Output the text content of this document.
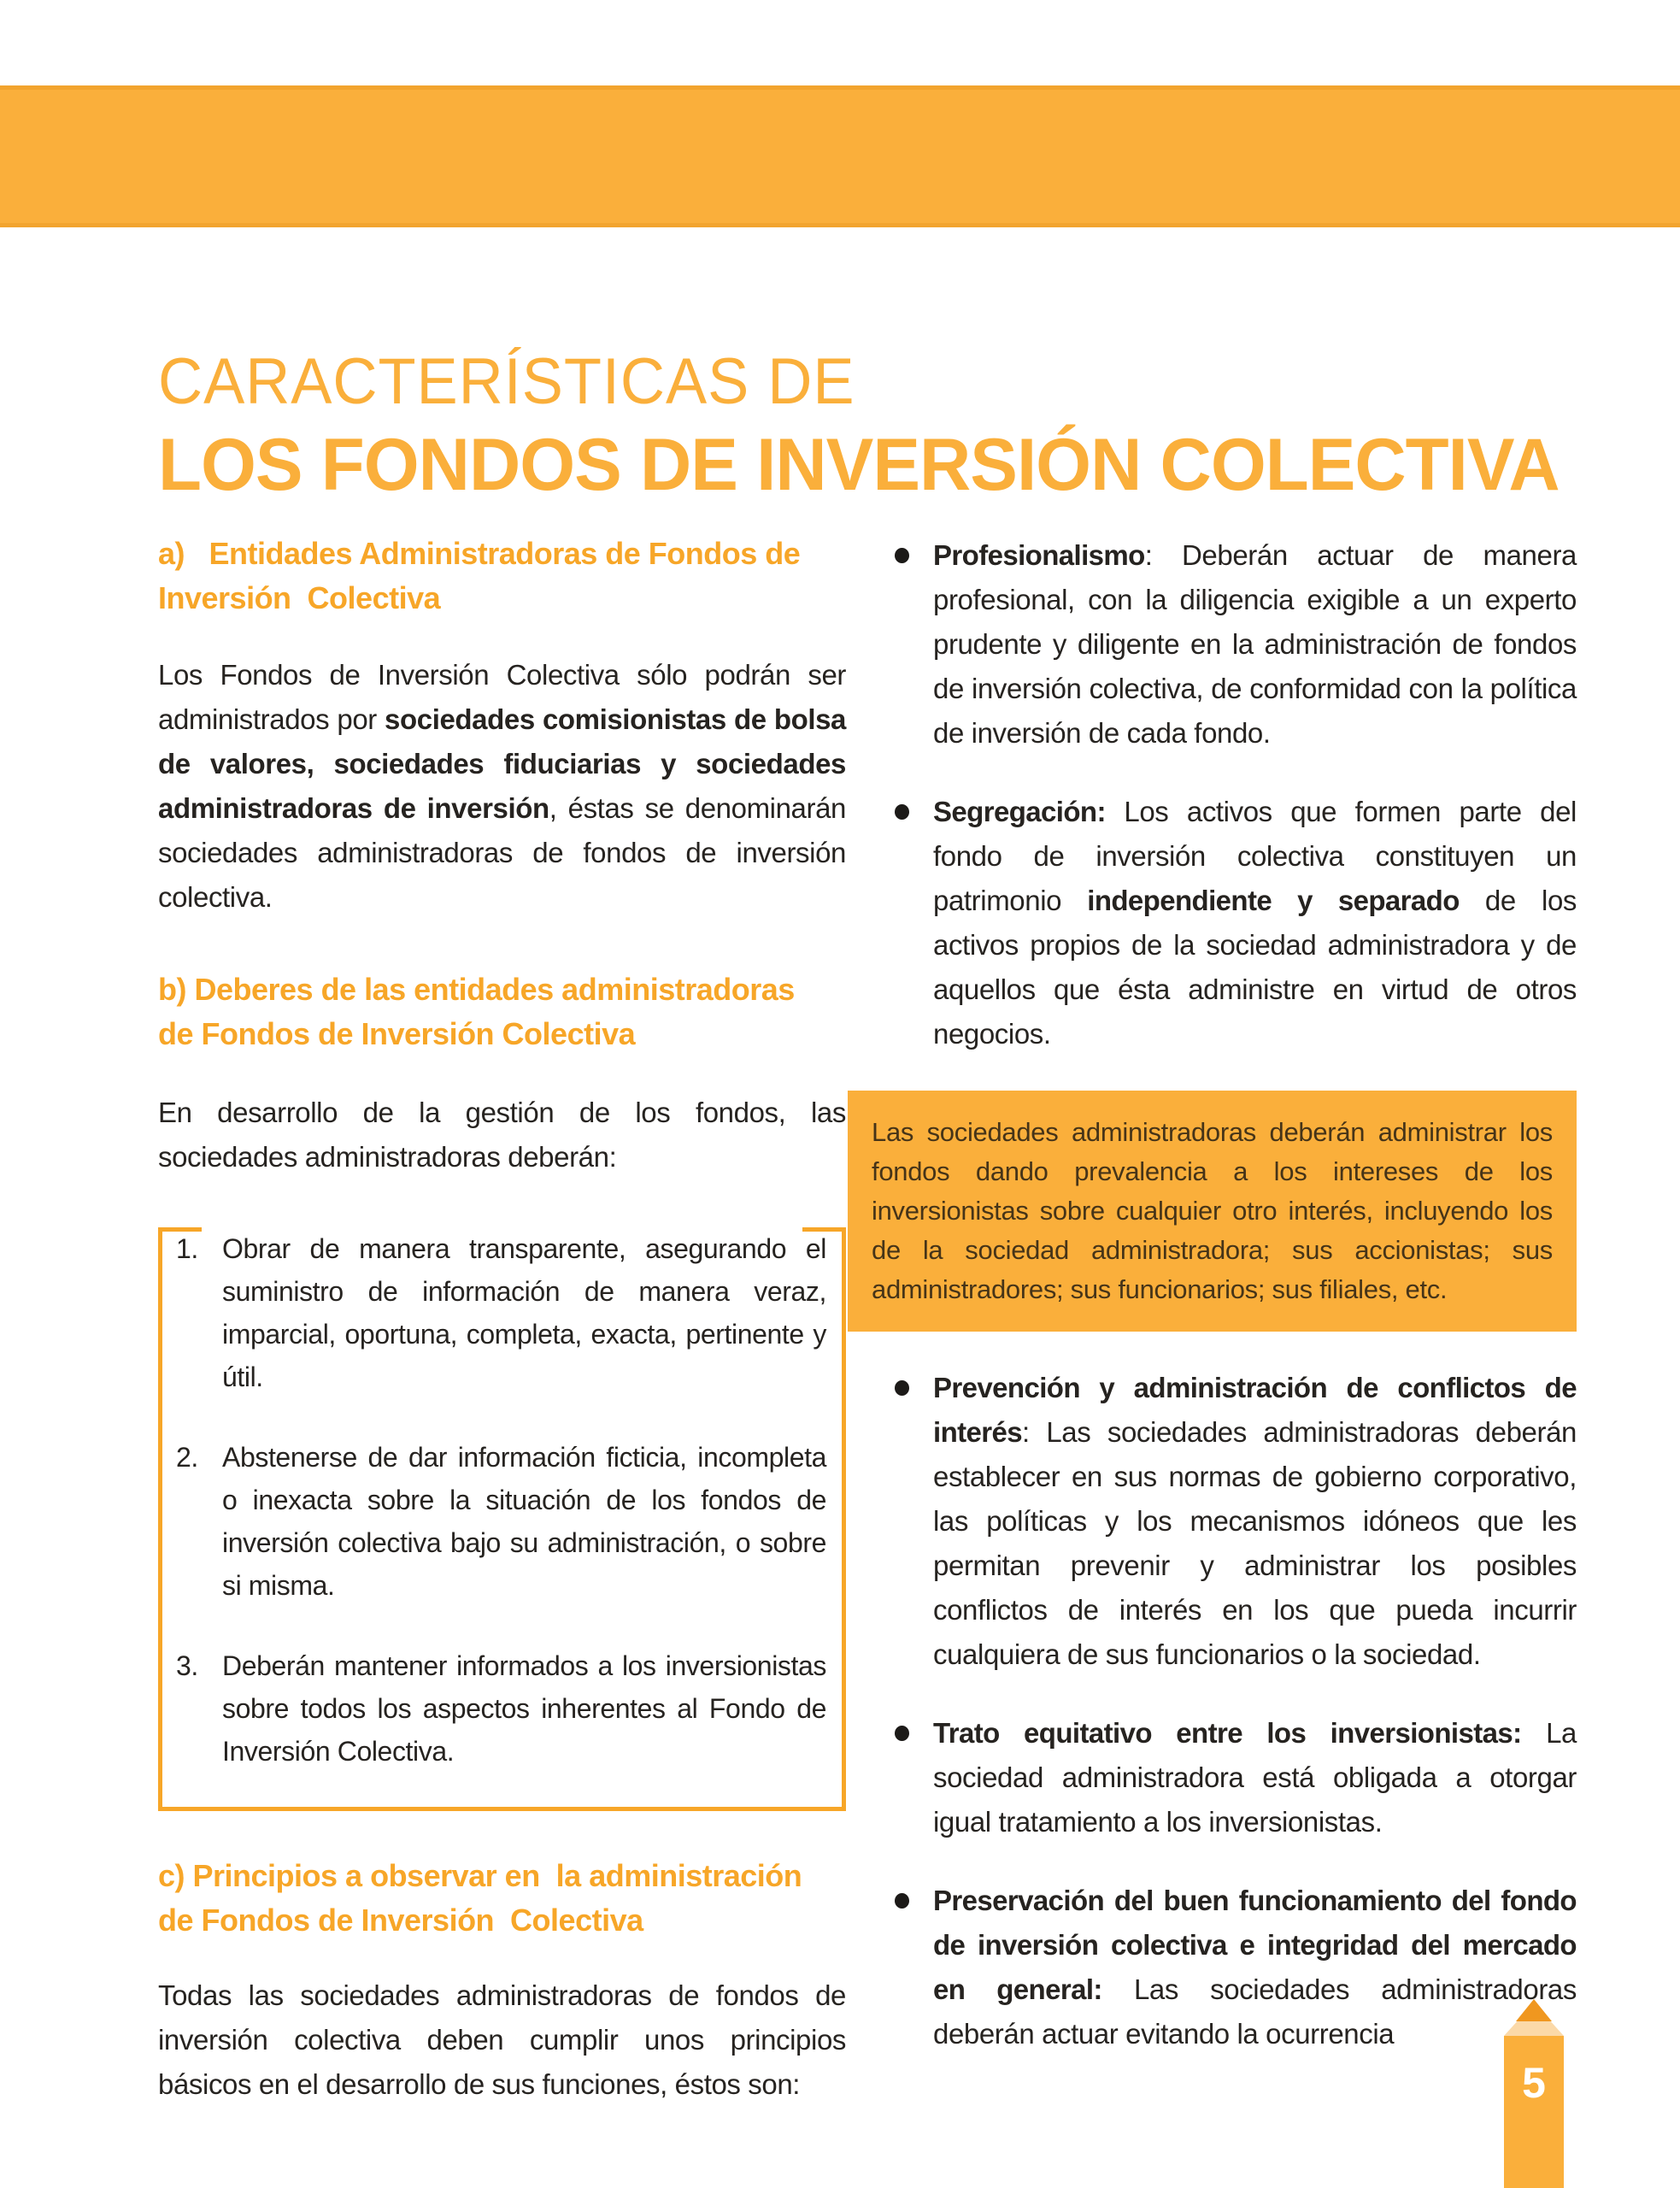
CARACTERÍSTICAS DE
LOS FONDOS DE INVERSIÓN COLECTIVA
a)   Entidades Administradoras de Fondos de
Inversión  Colectiva

Los Fondos de Inversión Colectiva sólo podrán ser administrados por sociedades comisionistas de bolsa de valores, sociedades fiduciarias y sociedades administradoras de inversión, éstas se denominarán sociedades administradoras de fondos de inversión colectiva.

b) Deberes de las entidades administradoras
de Fondos de Inversión Colectiva

En desarrollo de la gestión de los fondos, las sociedades administradoras deberán:

1. Obrar de manera transparente, asegurando el suministro de información de manera veraz, imparcial, oportuna, completa, exacta, pertinente y útil.
2. Abstenerse de dar información ficticia, incompleta o inexacta sobre la situación de los fondos de inversión colectiva bajo su administración, o sobre si misma.
3. Deberán mantener informados a los inversionistas sobre todos los aspectos inherentes al Fondo de Inversión Colectiva.
c) Principios a observar en  la administración
de Fondos de Inversión  Colectiva

Todas las sociedades administradoras de fondos de inversión colectiva deben cumplir unos principios básicos en el desarrollo de sus funciones, éstos son:

Profesionalismo: Deberán actuar de manera profesional, con la diligencia exigible a un experto prudente y diligente en la administración de fondos de inversión colectiva, de conformidad con la política de inversión de cada fondo.

Segregación: Los activos que formen parte del fondo de inversión colectiva constituyen un patrimonio independiente y separado de los activos propios de la sociedad administradora y de aquellos que ésta administre en virtud de otros negocios.

Las sociedades administradoras deberán administrar los fondos dando prevalencia a los intereses de los inversionistas sobre cualquier otro interés, incluyendo los de la sociedad administradora; sus accionistas; sus administradores; sus funcionarios; sus filiales, etc.

Prevención y administración de conflictos de interés: Las sociedades administradoras deberán establecer en sus normas de gobierno corporativo, las políticas y los mecanismos idóneos que les permitan prevenir y administrar los posibles conflictos de interés en los que pueda incurrir cualquiera de sus funcionarios o la sociedad.

Trato equitativo entre los inversionistas: La sociedad administradora está obligada a otorgar igual tratamiento a los inversionistas.

Preservación del buen funcionamiento del fondo de inversión colectiva e integridad del mercado en general: Las sociedades administradoras deberán actuar evitando la ocurrencia

5
